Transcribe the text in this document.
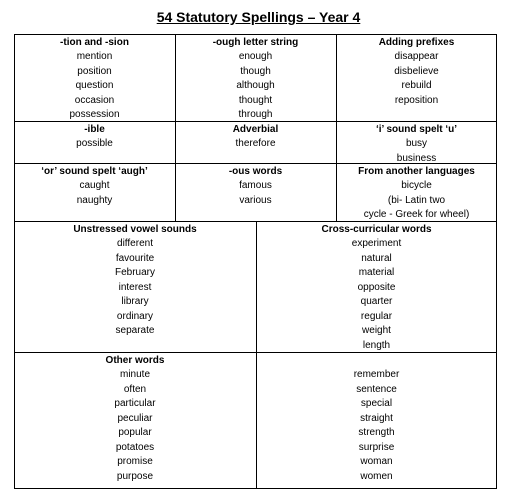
54 Statutory Spellings – Year 4
-tion and -sion
mention
position
question
occasion
possession
-ough letter string
enough
though
although
thought
through
Adding prefixes
disappear
disbelieve
rebuild
reposition
-ible
possible
Adverbial
therefore
‘i’ sound spelt ‘u’
busy
business
‘or’ sound spelt ‘augh’
caught
naughty
-ous words
famous
various
From another languages
bicycle
(bi- Latin two
cycle - Greek for wheel)
Unstressed vowel sounds
different
favourite
February
interest
library
ordinary
separate
Cross-curricular words
experiment
natural
material
opposite
quarter
regular
weight
length
Other words
minute
often
particular
peculiar
popular
potatoes
promise
purpose
remember
sentence
special
straight
strength
surprise
woman
women
